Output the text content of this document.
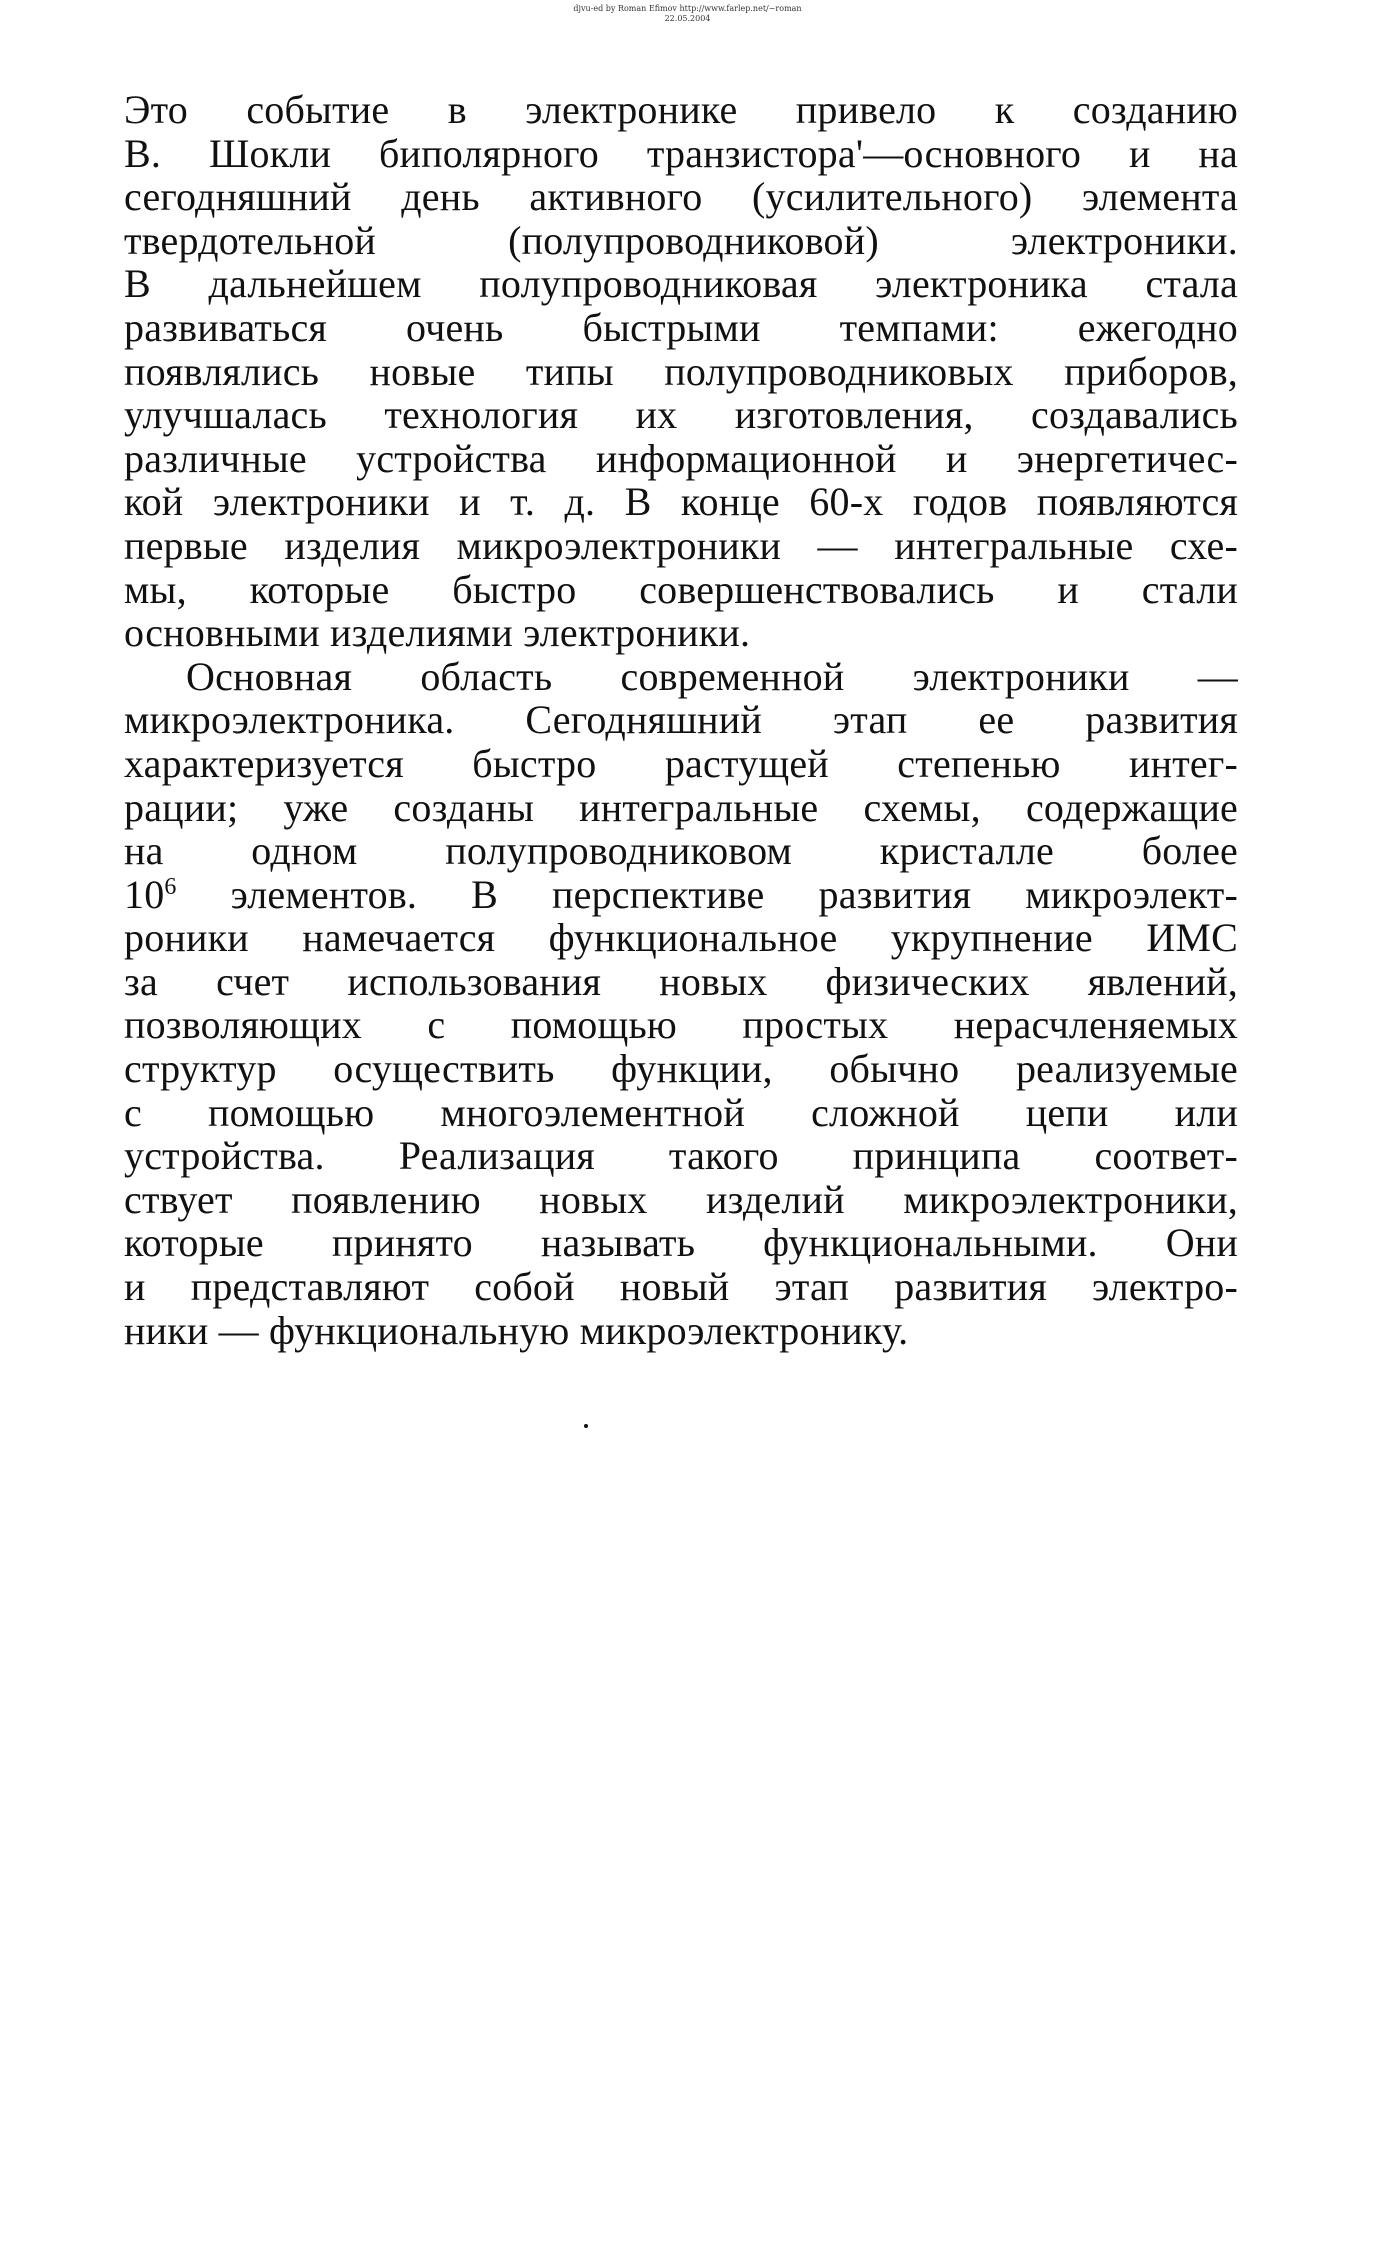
djvu-ed by Roman Efimov http://www.farlep.net/~roman
22.05.2004

Это событие в электронике привело к созданию
В. Шокли биполярного транзистора'—основного и на
сегодняшний день активного (усилительного) элемента
твердотельной (полупроводниковой) электроники.
В дальнейшем полупроводниковая электроника стала
развиваться очень быстрыми темпами: ежегодно
появлялись новые типы полупроводниковых приборов,
улучшалась технология их изготовления, создавались
различные устройства информационной и энергетичес-
кой электроники и т. д. В конце 60-х годов появляются
первые изделия микроэлектроники — интегральные схе-
мы, которые быстро совершенствовались и стали
основными изделиями электроники.

Основная область современной электроники —
микроэлектроника. Сегодняшний этап ее развития
характеризуется быстро растущей степенью интег-
рации; уже созданы интегральные схемы, содержащие
на одном полупроводниковом кристалле более
$10^6$ элементов. В перспективе развития микроэлект-
роники намечается функциональное укрупнение ИМС
за счет использования новых физических явлений,
позволяющих с помощью простых нерасчленяемых
структур осуществить функции, обычно реализуемые
с помощью многоэлементной сложной цепи или
устройства. Реализация такого принципа соответ-
ствует появлению новых изделий микроэлектроники,
которые принято называть функциональными. Они
и представляют собой новый этап развития электро-
ники — функциональную микроэлектронику.
